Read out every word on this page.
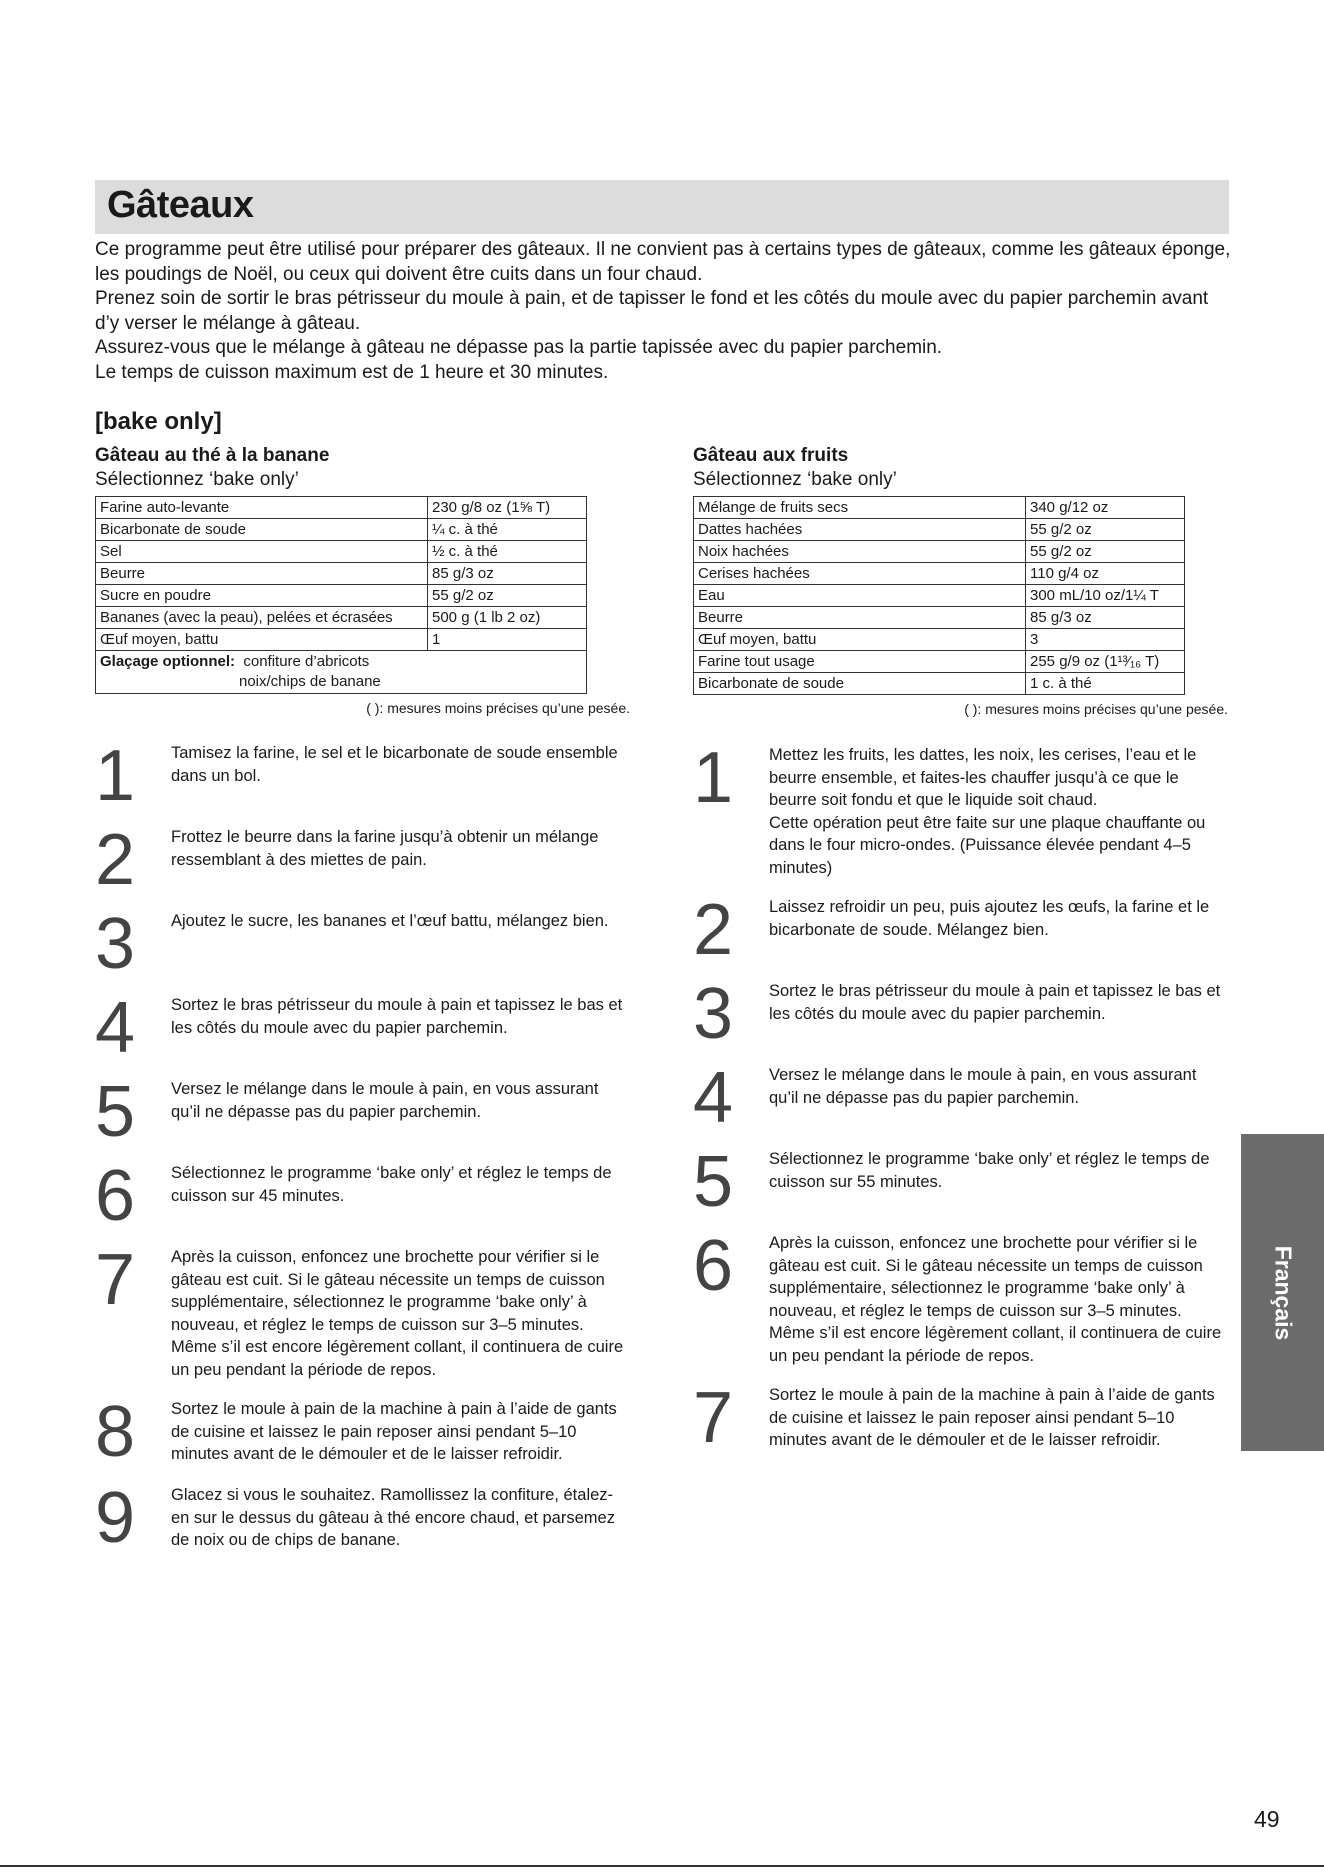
Gâteaux

Ce programme peut être utilisé pour préparer des gâteaux. Il ne convient pas à certains types de gâteaux, comme les gâteaux éponge, les poudings de Noël, ou ceux qui doivent être cuits dans un four chaud.

Prenez soin de sortir le bras pétrisseur du moule à pain, et de tapisser le fond et les côtés du moule avec du papier parchemin avant d’y verser le mélange à gâteau.

Assurez-vous que le mélange à gâteau ne dépasse pas la partie tapissée avec du papier parchemin.

Le temps de cuisson maximum est de 1 heure et 30 minutes.

[bake only]
Gâteau au thé à la banane

Sélectionnez ‘bake only’

Farine auto-levante	230 g/8 oz (1⅝ T)
Bicarbonate de soude	¼ c. à thé
Sel	½ c. à thé
Beurre	85 g/3 oz
Sucre en poudre	55 g/2 oz
Bananes (avec la peau), pelées et écrasées	500 g (1 lb 2 oz)
Œuf moyen, battu	1

Glaçage optionnel: confiture d’abricots
noix/chips de banane	
( ): mesures moins précises qu’une pesée.
1 Tamisez la farine, le sel et le bicarbonate de soude ensemble dans un bol.
2 Frottez le beurre dans la farine jusqu’à obtenir un mélange ressemblant à des miettes de pain.
3 Ajoutez le sucre, les bananes et l’œuf battu, mélangez bien.
4 Sortez le bras pétrisseur du moule à pain et tapissez le bas et les côtés du moule avec du papier parchemin.
5 Versez le mélange dans le moule à pain, en vous assurant qu’il ne dépasse pas du papier parchemin.
6 Sélectionnez le programme ‘bake only’ et réglez le temps de cuisson sur 45 minutes.
7 Après la cuisson, enfoncez une brochette pour vérifier si le gâteau est cuit. Si le gâteau nécessite un temps de cuisson supplémentaire, sélectionnez le programme ‘bake only’ à nouveau, et réglez le temps de cuisson sur 3–5 minutes. Même s’il est encore légèrement collant, il continuera de cuire un peu pendant la période de repos.
8 Sortez le moule à pain de la machine à pain à l’aide de gants de cuisine et laissez le pain reposer ainsi pendant 5–10 minutes avant de le démouler et de le laisser refroidir.
9 Glacez si vous le souhaitez. Ramollissez la confiture, étalez-en sur le dessus du gâteau à thé encore chaud, et parsemez de noix ou de chips de banane.
Gâteau aux fruits

Sélectionnez ‘bake only’

Mélange de fruits secs	340 g/12 oz
Dattes hachées	55 g/2 oz
Noix hachées	55 g/2 oz
Cerises hachées	110 g/4 oz
Eau	300 mL/10 oz/1¼ T
Beurre	85 g/3 oz
Œuf moyen, battu	3
Farine tout usage	255 g/9 oz (1¹³⁄₁₆ T)
Bicarbonate de soude	1 c. à thé
( ): mesures moins précises qu’une pesée.
1 Mettez les fruits, les dattes, les noix, les cerises, l’eau et le beurre ensemble, et faites-les chauffer jusqu’à ce que le beurre soit fondu et que le liquide soit chaud.
Cette opération peut être faite sur une plaque chauffante ou dans le four micro-ondes. (Puissance élevée pendant 4–5 minutes)
2 Laissez refroidir un peu, puis ajoutez les œufs, la farine et le bicarbonate de soude. Mélangez bien.
3 Sortez le bras pétrisseur du moule à pain et tapissez le bas et les côtés du moule avec du papier parchemin.
4 Versez le mélange dans le moule à pain, en vous assurant qu’il ne dépasse pas du papier parchemin.
5 Sélectionnez le programme ‘bake only’ et réglez le temps de cuisson sur 55 minutes.
6 Après la cuisson, enfoncez une brochette pour vérifier si le gâteau est cuit. Si le gâteau nécessite un temps de cuisson supplémentaire, sélectionnez le programme ‘bake only’ à nouveau, et réglez le temps de cuisson sur 3–5 minutes. Même s’il est encore légèrement collant, il continuera de cuire un peu pendant la période de repos.
7 Sortez le moule à pain de la machine à pain à l’aide de gants de cuisine et laissez le pain reposer ainsi pendant 5–10 minutes avant de le démouler et de le laisser refroidir.
Français
49
